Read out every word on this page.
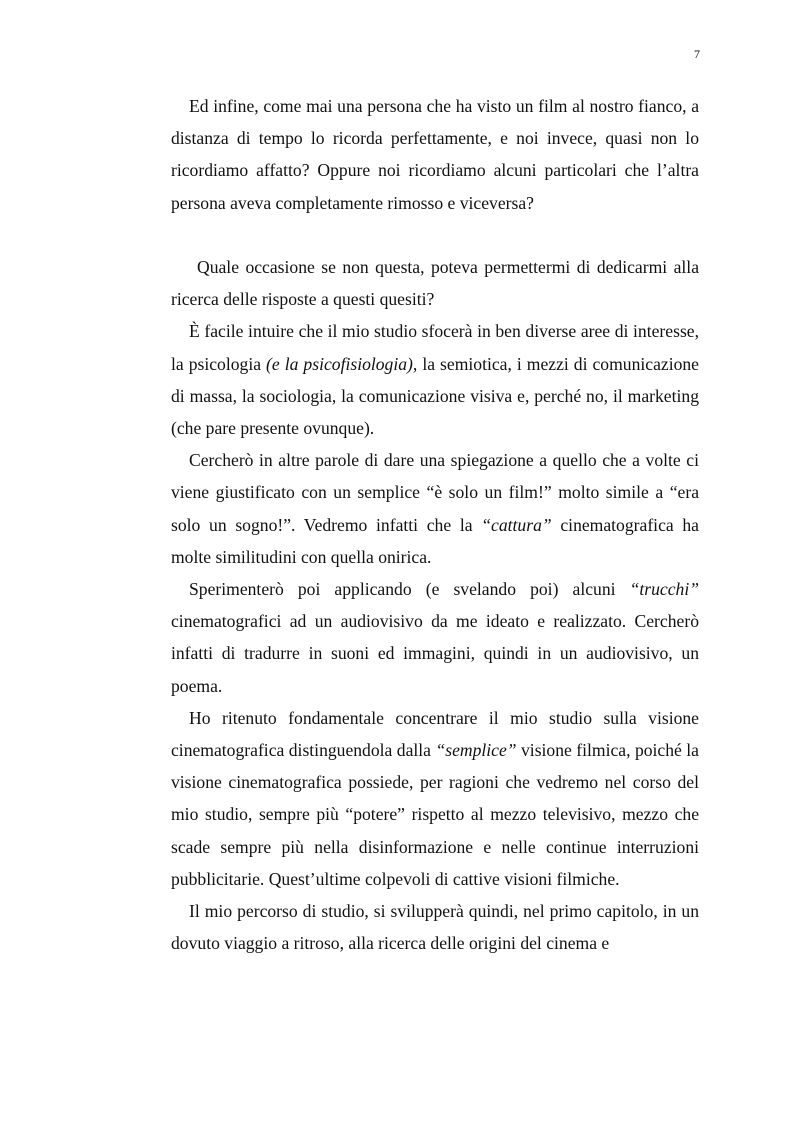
7

Ed infine, come mai una persona che ha visto un film al nostro fianco, a distanza di tempo lo ricorda perfettamente, e noi invece, quasi non lo ricordiamo affatto? Oppure noi ricordiamo alcuni particolari che l’altra persona aveva completamente rimosso e viceversa?

Quale occasione se non questa, poteva permettermi di dedicarmi alla ricerca delle risposte a questi quesiti?

È facile intuire che il mio studio sfocerà in ben diverse aree di interesse, la psicologia (e la psicofisiologia), la semiotica, i mezzi di comunicazione di massa, la sociologia, la comunicazione visiva e, perché no, il marketing (che pare presente ovunque).

Cercherò in altre parole di dare una spiegazione a quello che a volte ci viene giustificato con un semplice “è solo un film!” molto simile a “era solo un sogno!”. Vedremo infatti che la “cattura” cinematografica ha molte similitudini con quella onirica.

Sperimenterò poi applicando (e svelando poi) alcuni “trucchi” cinematografici ad un audiovisivo da me ideato e realizzato. Cercherò infatti di tradurre in suoni ed immagini, quindi in un audiovisivo, un poema.

Ho ritenuto fondamentale concentrare il mio studio sulla visione cinematografica distinguendola dalla “semplice” visione filmica, poiché la visione cinematografica possiede, per ragioni che vedremo nel corso del mio studio, sempre più “potere” rispetto al mezzo televisivo, mezzo che scade sempre più nella disinformazione e nelle continue interruzioni pubblicitarie. Quest’ultime colpevoli di cattive visioni filmiche.

Il mio percorso di studio, si svilupperà quindi, nel primo capitolo, in un dovuto viaggio a ritroso, alla ricerca delle origini del cinema e
